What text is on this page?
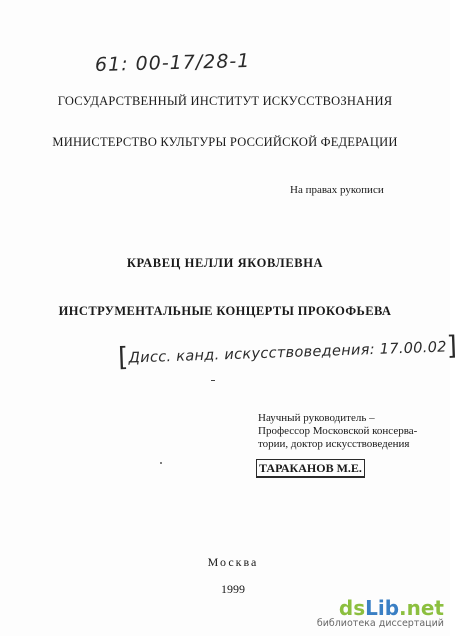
61: 00-17/28-1
ГОСУДАРСТВЕННЫЙ ИНСТИТУТ ИСКУССТВОЗНАНИЯ
МИНИСТЕРСТВО КУЛЬТУРЫ РОССИЙСКОЙ ФЕДЕРАЦИИ
На правах рукописи
КРАВЕЦ НЕЛЛИ ЯКОВЛЕВНА
ИНСТРУМЕНТАЛЬНЫЕ КОНЦЕРТЫ ПРОКОФЬЕВА
[Дисс. канд. искусствоведения: 17.00.02]
Научный руководитель –
Профессор Московской консерва-
тории, доктор искусствоведения
ТАРАКАНОВ М.Е.
Москва
1999
dsLib.net
библиотека диссертаций
